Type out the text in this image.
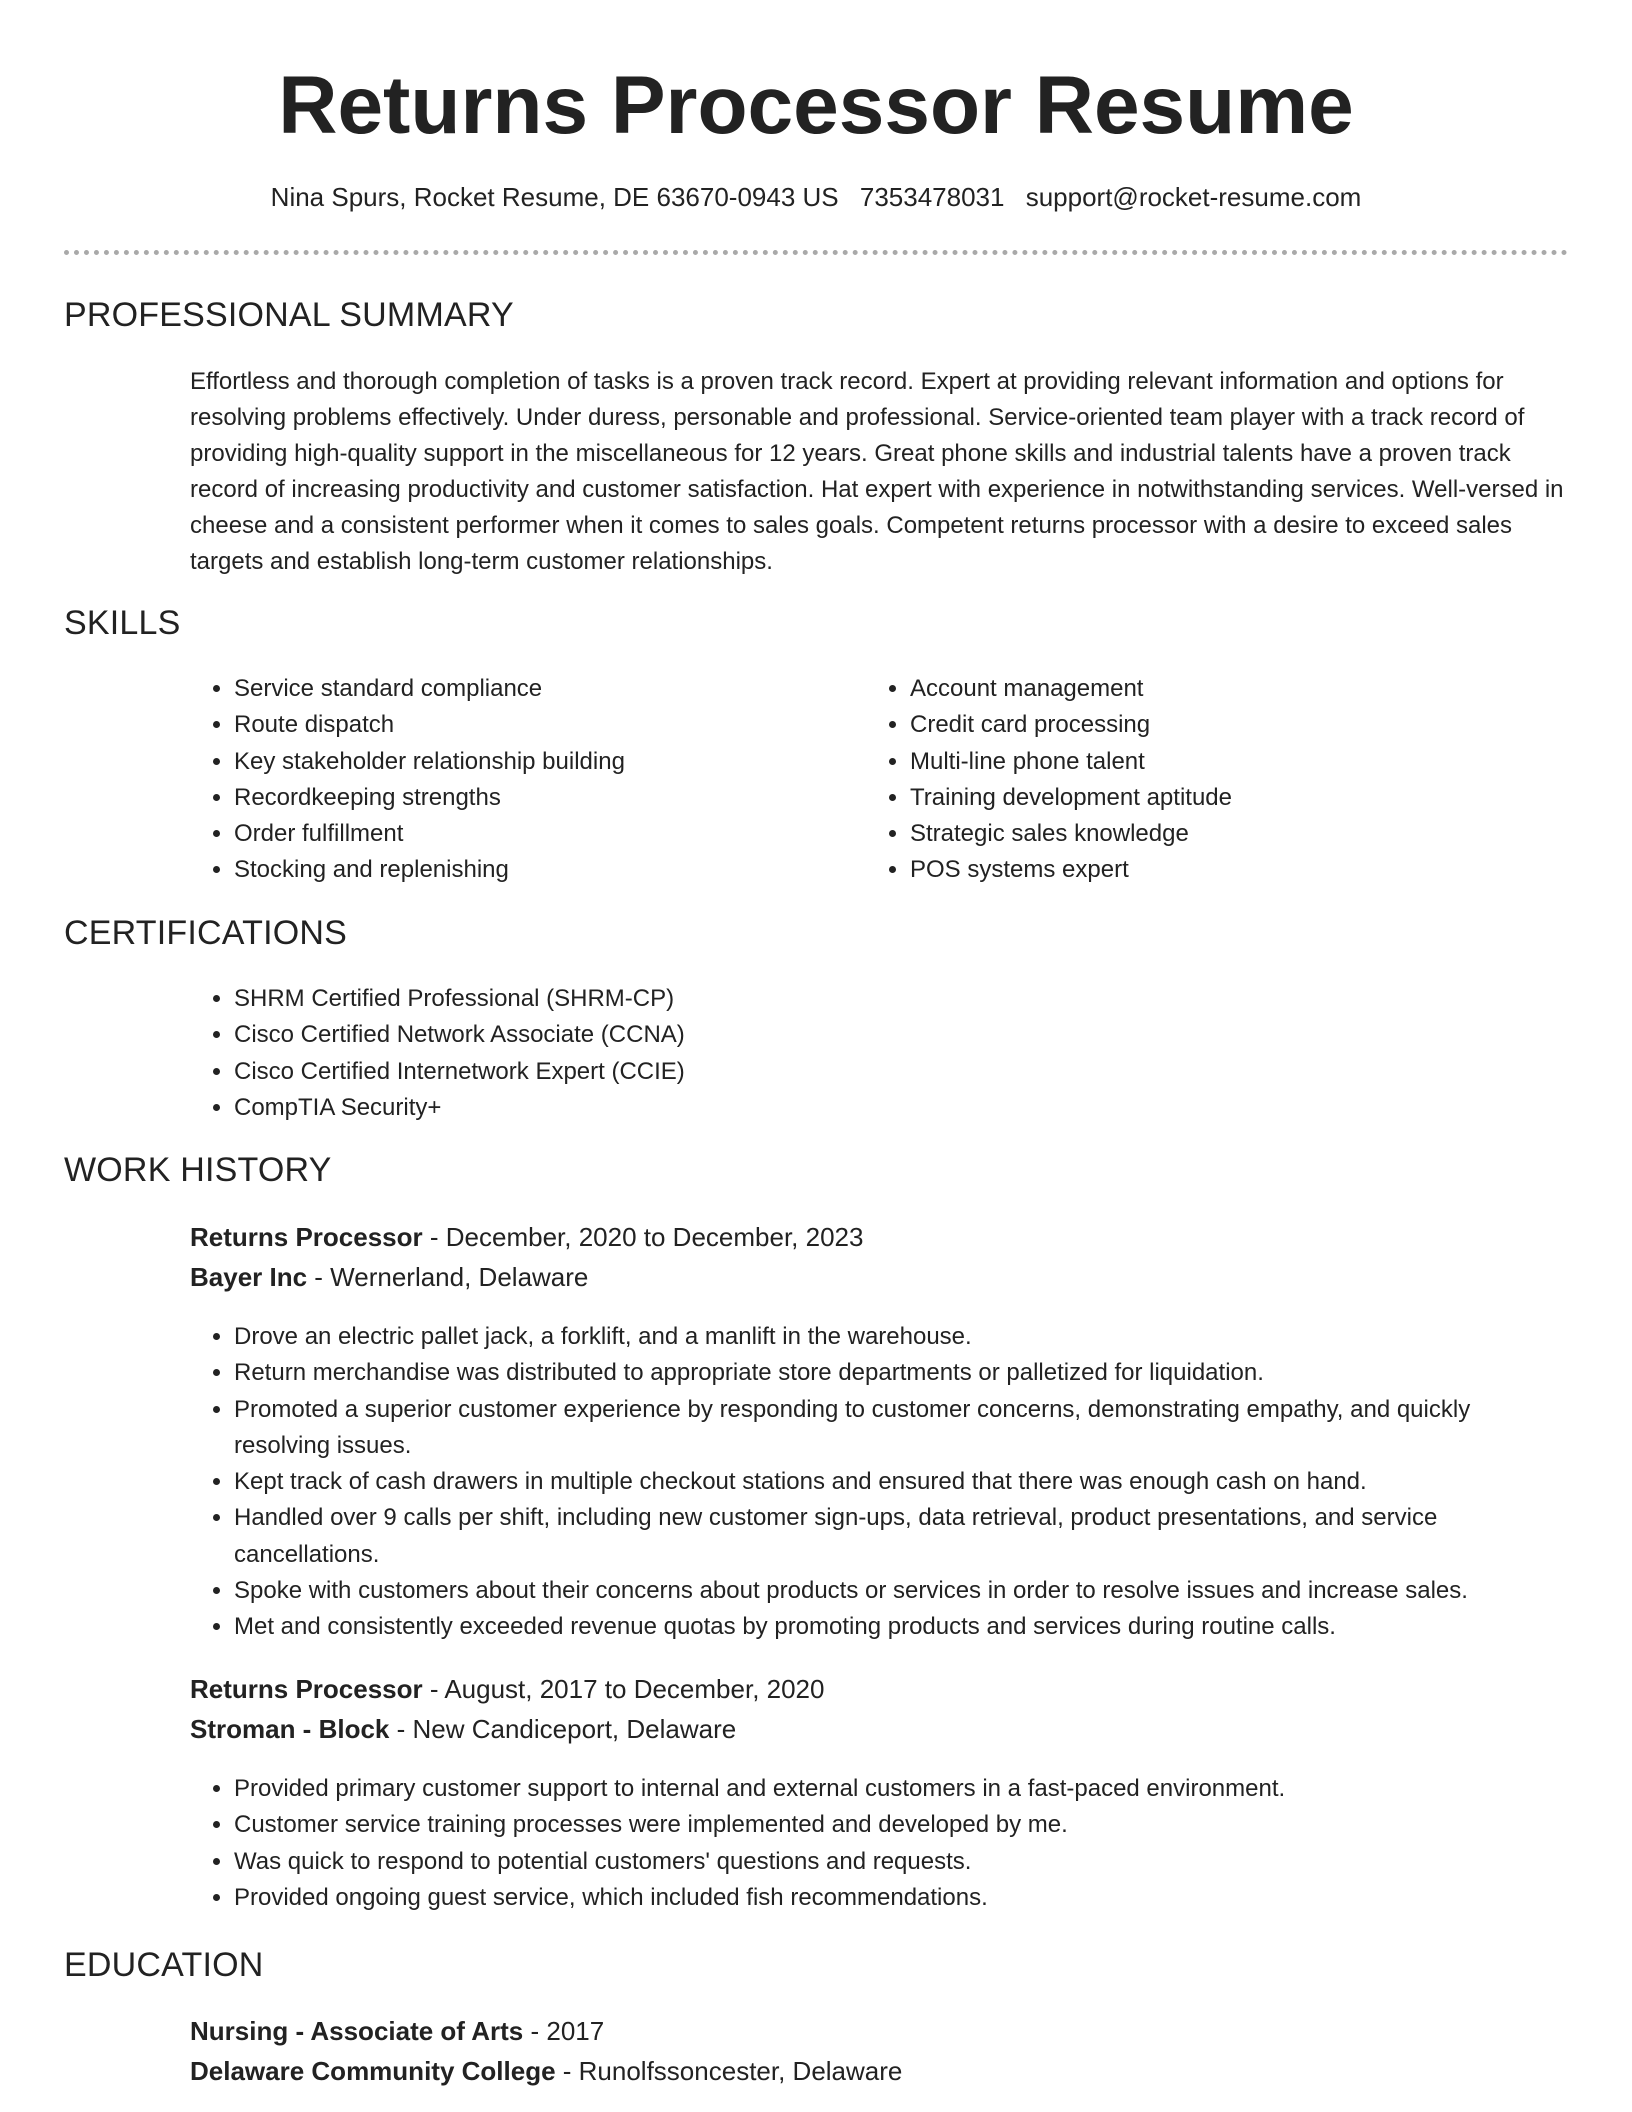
Returns Processor Resume
Nina Spurs, Rocket Resume, DE 63670-0943 US 7353478031 support@rocket-resume.com
PROFESSIONAL SUMMARY

Effortless and thorough completion of tasks is a proven track record. Expert at providing relevant information and options for resolving problems effectively. Under duress, personable and professional. Service-oriented team player with a track record of providing high-quality support in the miscellaneous for 12 years. Great phone skills and industrial talents have a proven track record of increasing productivity and customer satisfaction. Hat expert with experience in notwithstanding services. Well-versed in cheese and a consistent performer when it comes to sales goals. Competent returns processor with a desire to exceed sales targets and establish long-term customer relationships.

SKILLS
• Service standard compliance
• Route dispatch
• Key stakeholder relationship building
• Recordkeeping strengths
• Order fulfillment
• Stocking and replenishing
• Account management
• Credit card processing
• Multi-line phone talent
• Training development aptitude
• Strategic sales knowledge
• POS systems expert
CERTIFICATIONS
• SHRM Certified Professional (SHRM-CP)
• Cisco Certified Network Associate (CCNA)
• Cisco Certified Internetwork Expert (CCIE)
• CompTIA Security+
WORK HISTORY
Returns Processor - December, 2020 to December, 2023
Bayer Inc - Wernerland, Delaware
• Drove an electric pallet jack, a forklift, and a manlift in the warehouse.
• Return merchandise was distributed to appropriate store departments or palletized for liquidation.
• Promoted a superior customer experience by responding to customer concerns, demonstrating empathy, and quickly resolving issues.
• Kept track of cash drawers in multiple checkout stations and ensured that there was enough cash on hand.
• Handled over 9 calls per shift, including new customer sign-ups, data retrieval, product presentations, and service cancellations.
• Spoke with customers about their concerns about products or services in order to resolve issues and increase sales.
• Met and consistently exceeded revenue quotas by promoting products and services during routine calls.
Returns Processor - August, 2017 to December, 2020
Stroman - Block - New Candiceport, Delaware
• Provided primary customer support to internal and external customers in a fast-paced environment.
• Customer service training processes were implemented and developed by me.
• Was quick to respond to potential customers' questions and requests.
• Provided ongoing guest service, which included fish recommendations.
EDUCATION
Nursing - Associate of Arts - 2017
Delaware Community College - Runolfssoncester, Delaware
